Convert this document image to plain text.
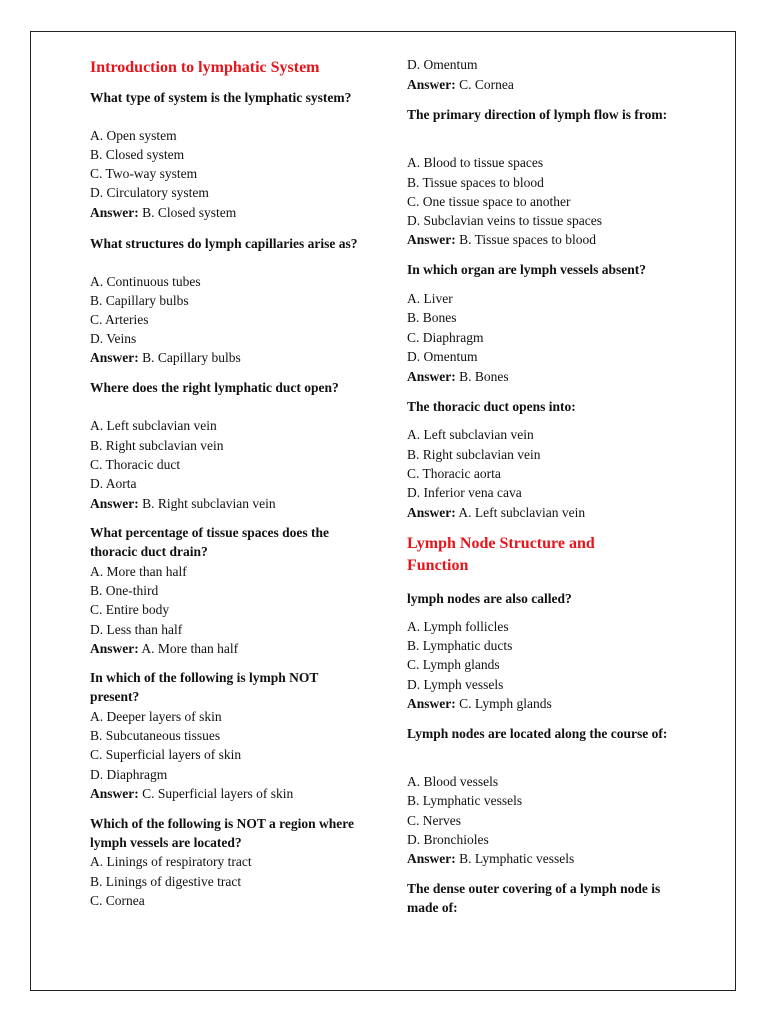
Introduction to lymphatic System
What type of system is the lymphatic system?
A. Open system
B. Closed system
C. Two-way system
D. Circulatory system
Answer: B. Closed system
What structures do lymph capillaries arise as?
A. Continuous tubes
B. Capillary bulbs
C. Arteries
D. Veins
Answer: B. Capillary bulbs
Where does the right lymphatic duct open?
A. Left subclavian vein
B. Right subclavian vein
C. Thoracic duct
D. Aorta
Answer: B. Right subclavian vein
What percentage of tissue spaces does the thoracic duct drain?
A. More than half
B. One-third
C. Entire body
D. Less than half
Answer: A. More than half
In which of the following is lymph NOT present?
A. Deeper layers of skin
B. Subcutaneous tissues
C. Superficial layers of skin
D. Diaphragm
Answer: C. Superficial layers of skin
Which of the following is NOT a region where lymph vessels are located?
A. Linings of respiratory tract
B. Linings of digestive tract
C. Cornea
D. Omentum
Answer: C. Cornea
The primary direction of lymph flow is from:
A. Blood to tissue spaces
B. Tissue spaces to blood
C. One tissue space to another
D. Subclavian veins to tissue spaces
Answer: B. Tissue spaces to blood
In which organ are lymph vessels absent?
A. Liver
B. Bones
C. Diaphragm
D. Omentum
Answer: B. Bones
The thoracic duct opens into:
A. Left subclavian vein
B. Right subclavian vein
C. Thoracic aorta
D. Inferior vena cava
Answer: A. Left subclavian vein
Lymph Node Structure and Function
lymph nodes are also called?
A. Lymph follicles
B. Lymphatic ducts
C. Lymph glands
D. Lymph vessels
Answer: C. Lymph glands
Lymph nodes are located along the course of:
A. Blood vessels
B. Lymphatic vessels
C. Nerves
D. Bronchioles
Answer: B. Lymphatic vessels
The dense outer covering of a lymph node is made of:
